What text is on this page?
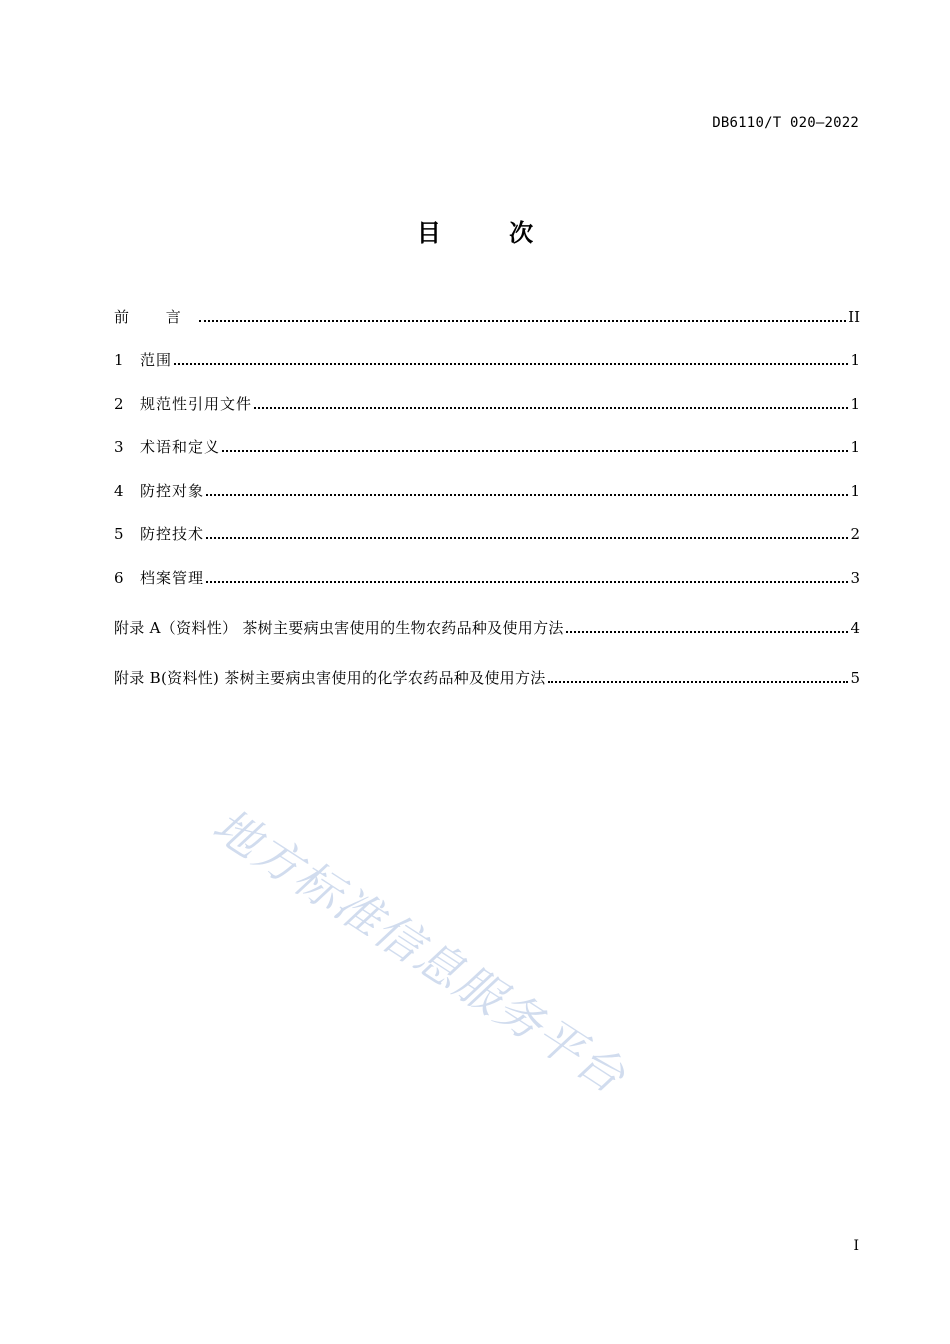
DB6110/T 020—2022
目 次
前 言	II
1	范围	1
2	规范性引用文件	1
3	术语和定义	1
4	防控对象	1
5	防控技术	2
6	档案管理	3
附录 A（资料性） 茶树主要病虫害使用的生物农药品种及使用方法	4
附录 B(资料性) 茶树主要病虫害使用的化学农药品种及使用方法	5
地方标准信息服务平台
I
